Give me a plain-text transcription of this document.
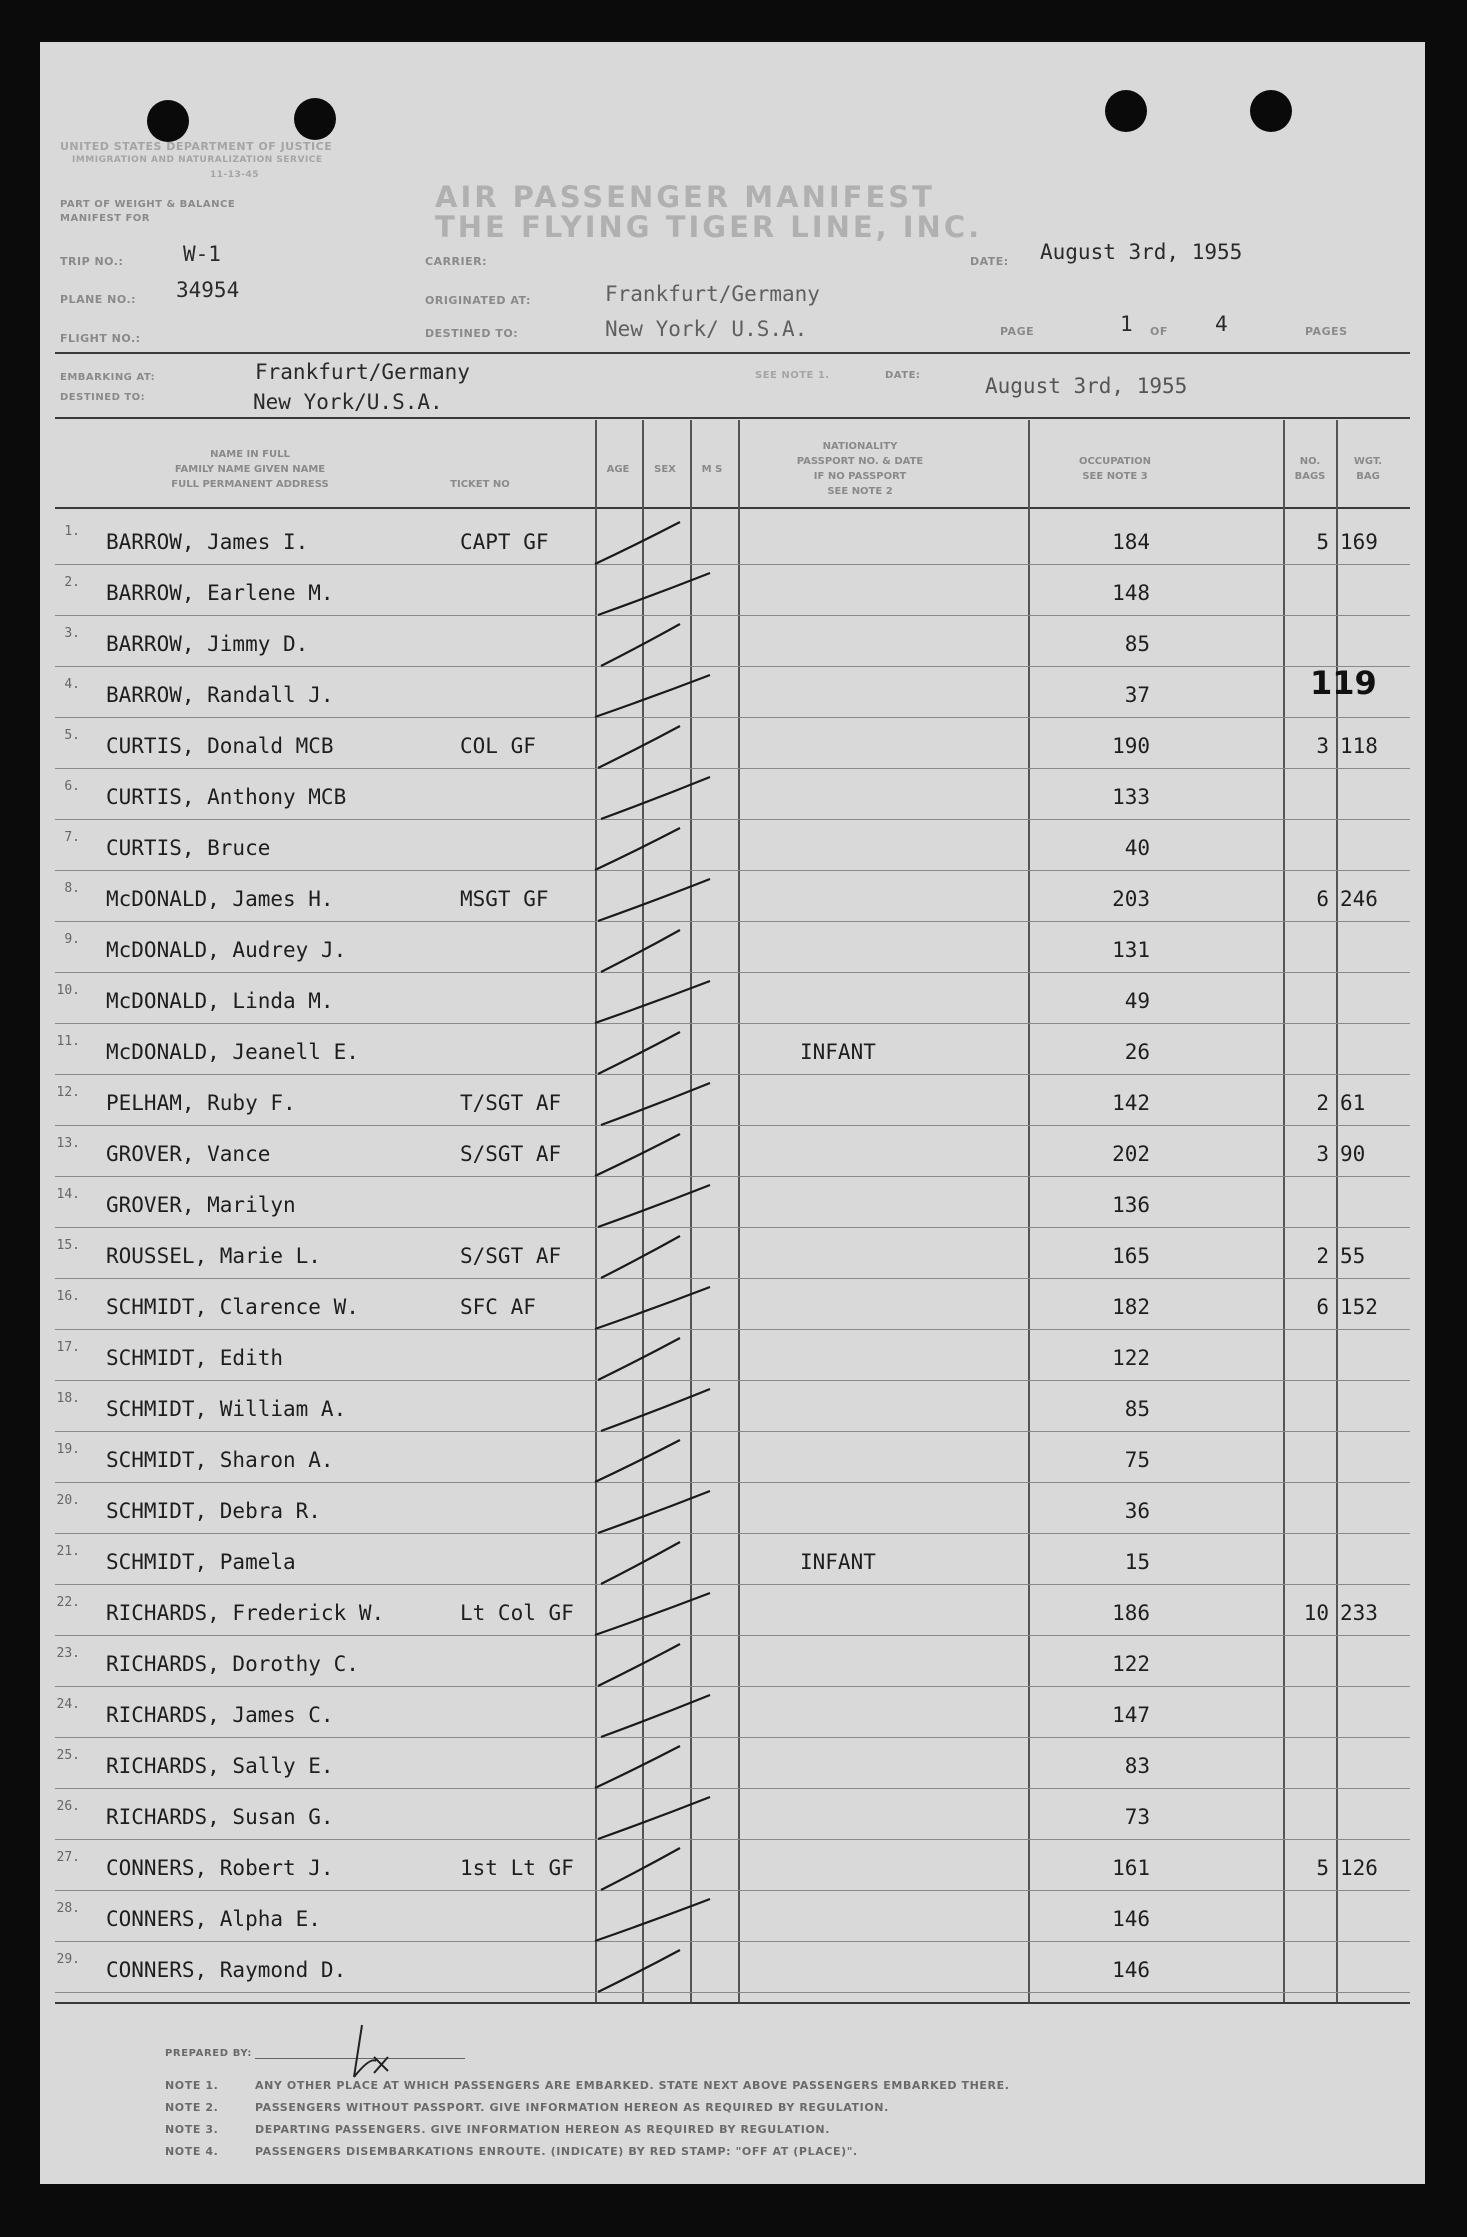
UNITED STATES DEPARTMENT OF JUSTICE
IMMIGRATION AND NATURALIZATION SERVICE
11-13-45
PART OF WEIGHT & BALANCE
MANIFEST FOR
AIR PASSENGER MANIFEST
THE FLYING TIGER LINE, INC.
TRIP NO.:	W-1
PLANE NO.: 34954
FLIGHT NO.:
CARRIER:
ORIGINATED AT:	Frankfurt/Germany
DESTINED TO:	New York/ U.S.A.
DATE: August 3rd, 1955
PAGE	1 OF 4	PAGES
EMBARKING AT:	Frankfurt/Germany
DESTINED TO:	New York/U.S.A.
SEE NOTE 1.	DATE:	August 3rd, 1955
NAME IN FULL
FAMILY NAME GIVEN NAME
FULL PERMANENT ADDRESS	TICKET NO
AGE	SEX	M S
NATIONALITY
PASSPORT NO. & DATE
IF NO PASSPORT
SEE NOTE 2
OCCUPATION
SEE NOTE 3
NO.
BAGS
WGT.
BAG
1. BARROW, James I.	CAPT GF	184	5 169
2. BARROW, Earlene M.	148
3. BARROW, Jimmy D.	85
4. BARROW, Randall J.	37
5. CURTIS, Donald MCB	COL GF	190	3 118
6. CURTIS, Anthony MCB	133
7. CURTIS, Bruce	40
8. McDONALD, James H.	MSGT GF	203	6 246
9. McDONALD, Audrey J.	131
10. McDONALD, Linda M.	49
11. McDONALD, Jeanell E.	INFANT	26
12. PELHAM, Ruby F.	T/SGT AF	142	2 61
13. GROVER, Vance	S/SGT AF	202	3 90
14. GROVER, Marilyn	136
15. ROUSSEL, Marie L.	S/SGT AF	165	2 55
16. SCHMIDT, Clarence W.	SFC AF	182	6 152
17. SCHMIDT, Edith	122
18. SCHMIDT, William A.	85
19. SCHMIDT, Sharon A.	75
20. SCHMIDT, Debra R.	36
21. SCHMIDT, Pamela	INFANT	15
22. RICHARDS, Frederick W.	Lt Col GF	186	10 233
23. RICHARDS, Dorothy C.	122
24. RICHARDS, James C.	147
25. RICHARDS, Sally E.	83
26. RICHARDS, Susan G.	73
27. CONNERS, Robert J.	1st Lt GF	161	5 126
28. CONNERS, Alpha E.	146
29. CONNERS, Raymond D.	146
119
PREPARED BY:
NOTE 1.	ANY OTHER PLACE AT WHICH PASSENGERS ARE EMBARKED. STATE NEXT ABOVE PASSENGERS EMBARKED THERE.
NOTE 2.	PASSENGERS WITHOUT PASSPORT. GIVE INFORMATION HEREON AS REQUIRED BY REGULATION.
NOTE 3.	DEPARTING PASSENGERS. GIVE INFORMATION HEREON AS REQUIRED BY REGULATION.
NOTE 4.	PASSENGERS DISEMBARKATIONS ENROUTE. (INDICATE) BY RED STAMP: "OFF AT (PLACE)".
